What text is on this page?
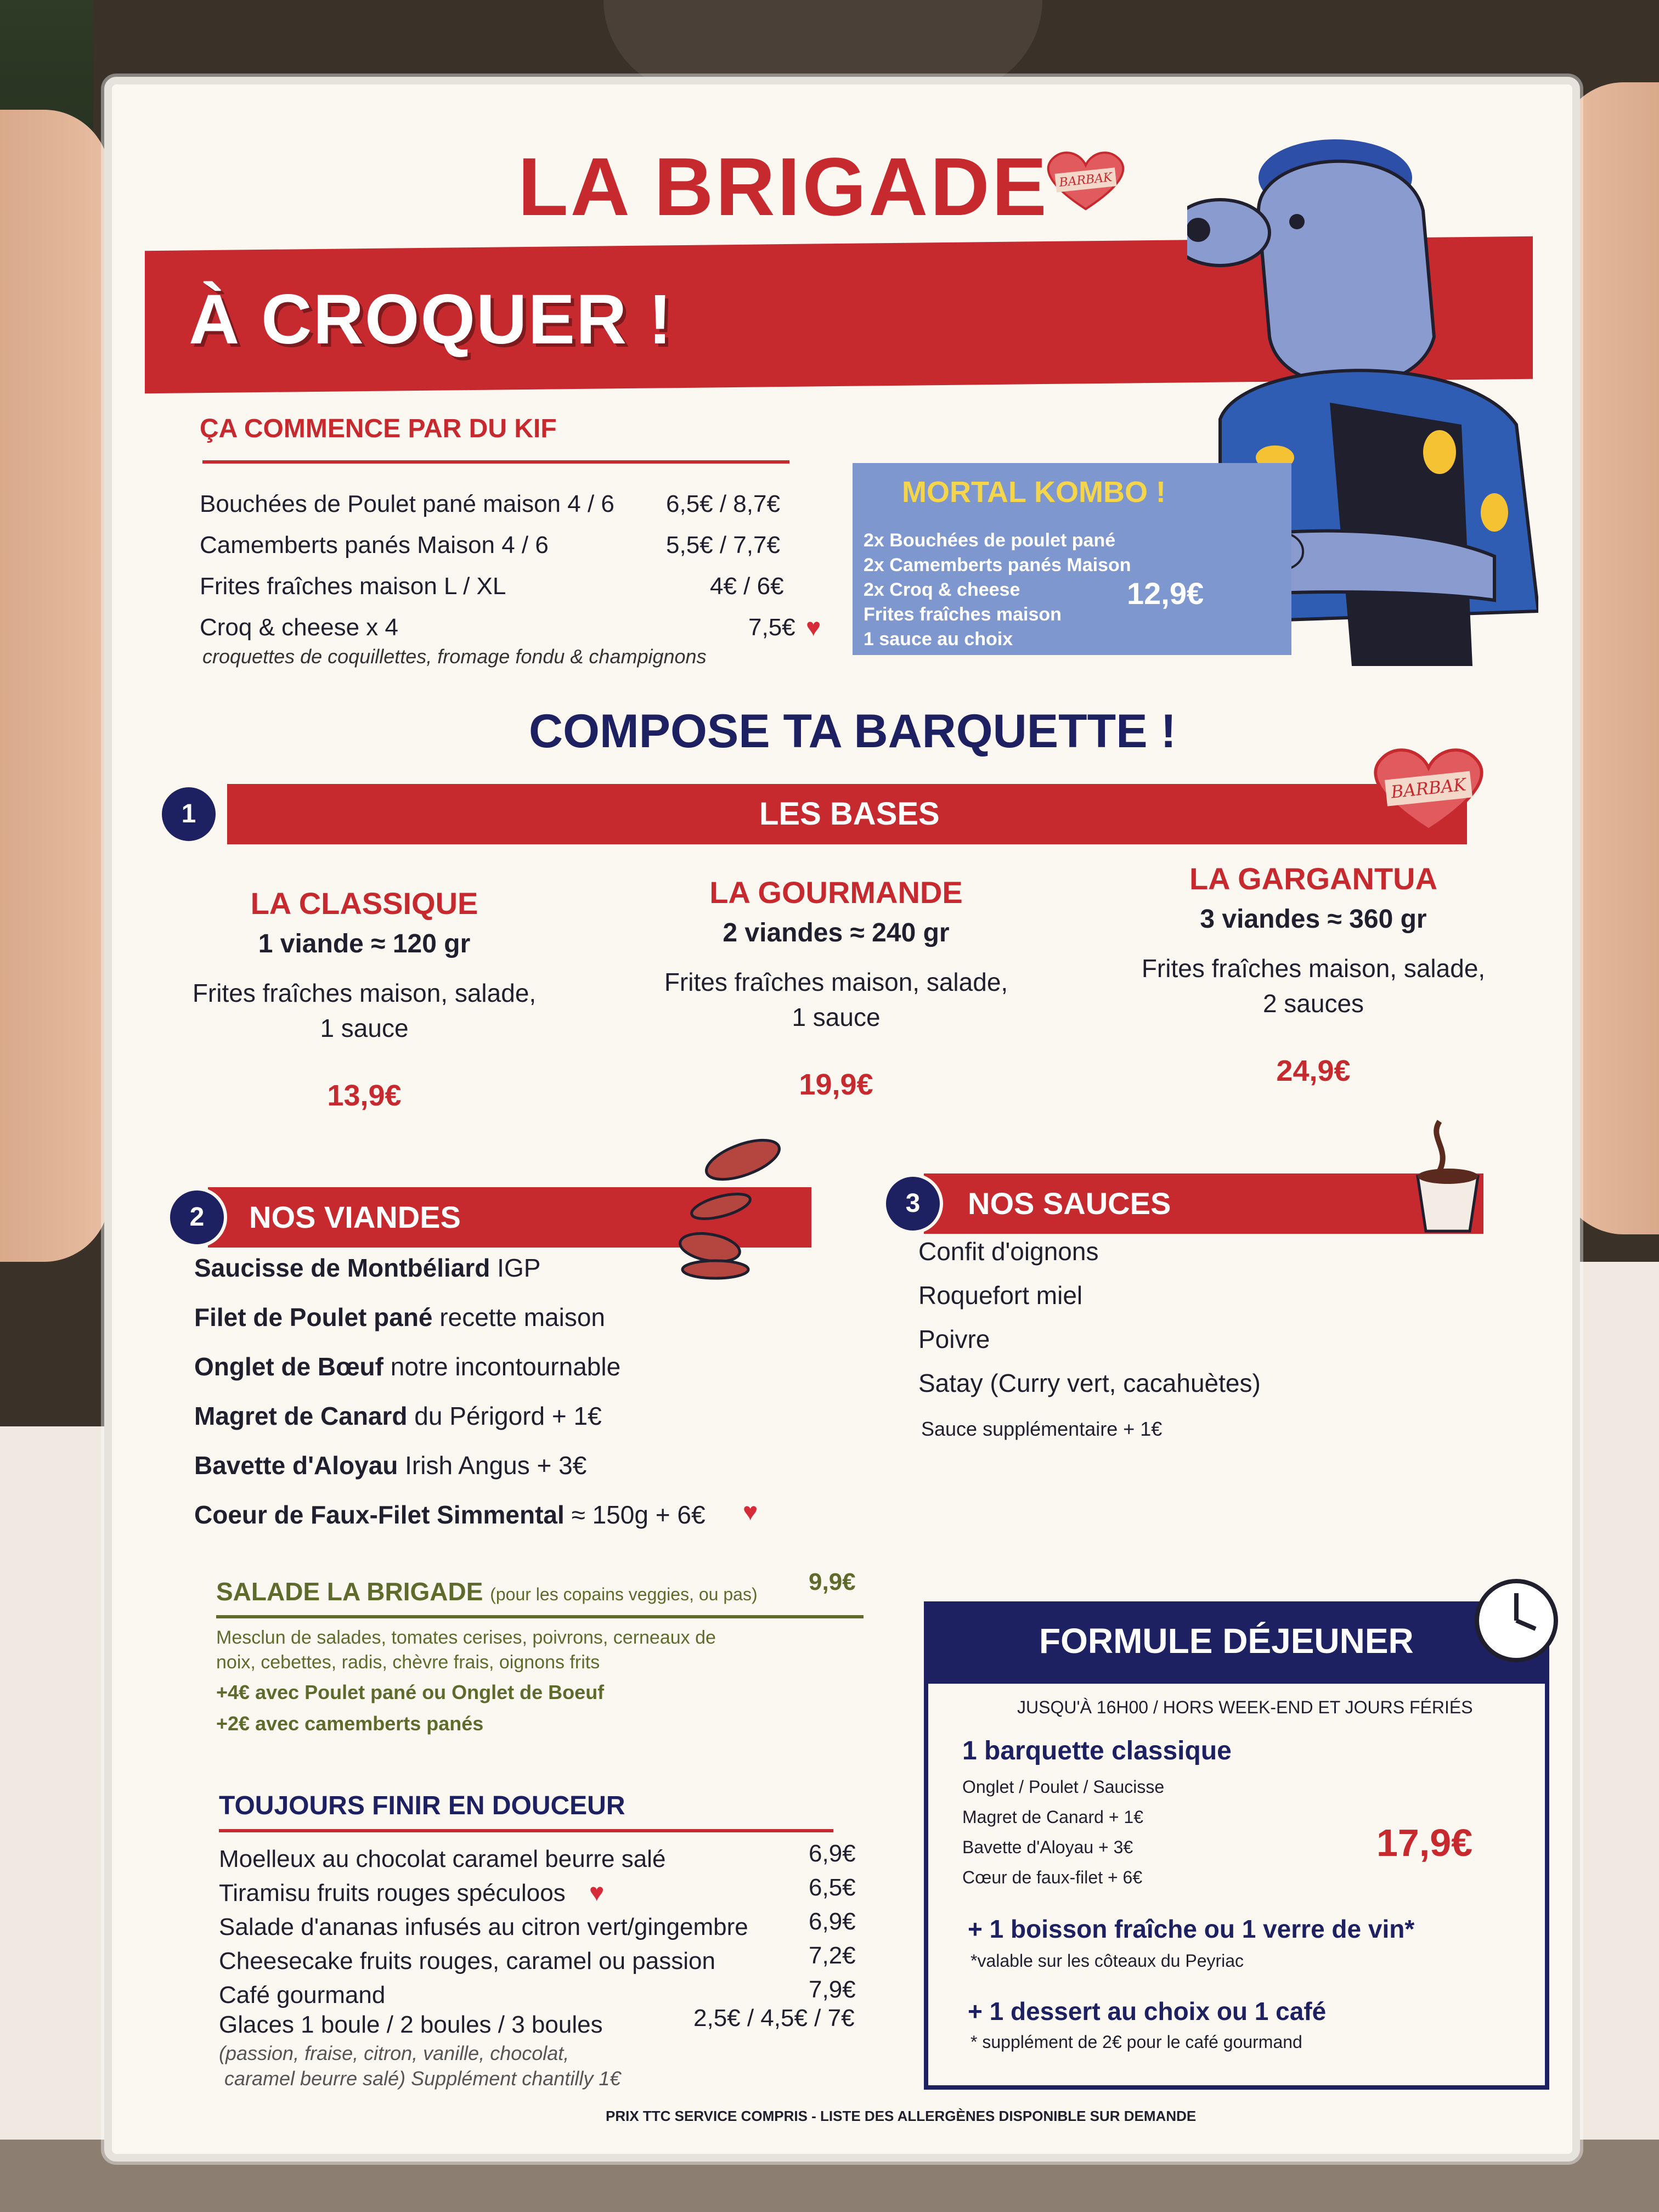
LA BRIGADE BARBAK
À CROQUER !
ÇA COMMENCE PAR DU KIF
Bouchées de Poulet pané maison 4 / 6 6,5€ / 8,7€
Camemberts panés Maison 4 / 6	5,5€ / 7,7€
Frites fraîches maison L / XL	4€ / 6€
Croq & cheese x 4	7,5€ ♥
croquettes de coquillettes, fromage fondu & champignons
MORTAL KOMBO !
2x Bouchées de poulet pané
2x Camemberts panés Maison
2x Croq & cheese
Frites fraîches maison
1 sauce au choix
12,9€
COMPOSE TA BARQUETTE !
1	LES BASES
BARBAK
LA CLASSIQUE
1 viande ≈ 120 gr
Frites fraîches maison, salade,
1 sauce
13,9€
LA GOURMANDE
2 viandes ≈ 240 gr
Frites fraîches maison, salade,
1 sauce
19,9€
LA GARGANTUA
3 viandes ≈ 360 gr
Frites fraîches maison, salade,
2 sauces
24,9€
2	NOS VIANDES
Saucisse de Montbéliard IGP
Filet de Poulet pané recette maison
Onglet de Bœuf notre incontournable
Magret de Canard du Périgord + 1€
Bavette d'Aloyau Irish Angus + 3€
Coeur de Faux-Filet Simmental ≈ 150g + 6€ ♥
3	NOS SAUCES
Confit d'oignons
Roquefort miel
Poivre
Satay (Curry vert, cacahuètes)
Sauce supplémentaire + 1€
SALADE LA BRIGADE (pour les copains veggies, ou pas) 9,9€
Mesclun de salades, tomates cerises, poivrons, cerneaux de
noix, cebettes, radis, chèvre frais, oignons frits
+4€ avec Poulet pané ou Onglet de Boeuf
+2€ avec camemberts panés
TOUJOURS FINIR EN DOUCEUR
Moelleux au chocolat caramel beurre salé	6,9€
Tiramisu fruits rouges spéculoos ♥	6,5€
Salade d'ananas infusés au citron vert/gingembre	6,9€
Cheesecake fruits rouges, caramel ou passion	7,2€
Café gourmand	7,9€
Glaces 1 boule / 2 boules / 3 boules	2,5€ / 4,5€ / 7€
(passion, fraise, citron, vanille, chocolat,
caramel beurre salé) Supplément chantilly 1€
FORMULE DÉJEUNER
JUSQU'À 16H00 / HORS WEEK-END ET JOURS FÉRIÉS
1 barquette classique
Onglet / Poulet / Saucisse
Magret de Canard + 1€
Bavette d'Aloyau + 3€
Cœur de faux-filet + 6€
17,9€
+ 1 boisson fraîche ou 1 verre de vin*
*valable sur les côteaux du Peyriac
+ 1 dessert au choix ou 1 café
* supplément de 2€ pour le café gourmand
PRIX TTC SERVICE COMPRIS - LISTE DES ALLERGÈNES DISPONIBLE SUR DEMANDE
